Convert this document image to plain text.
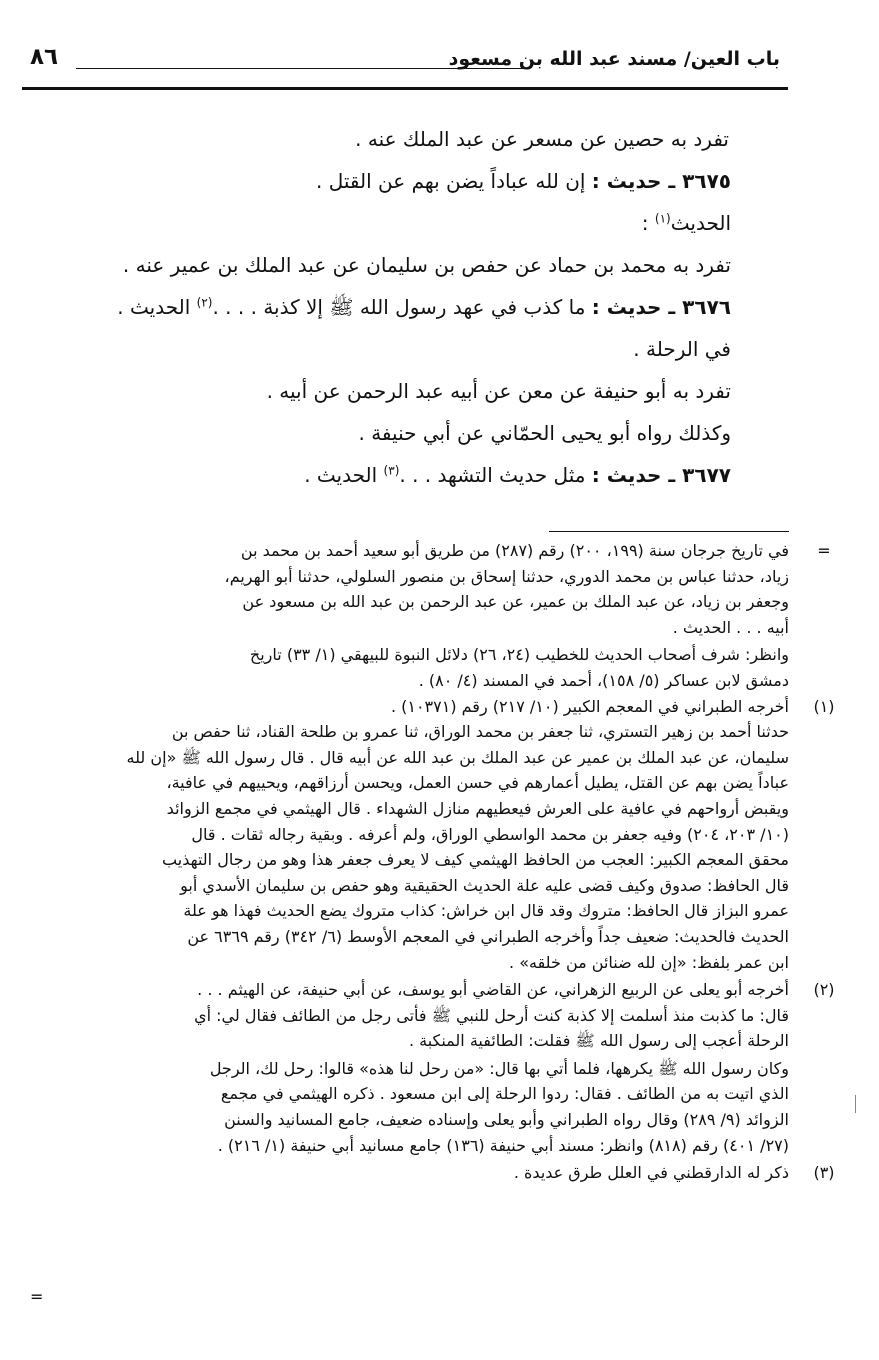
باب العين/ مسند عبد الله بن مسعود
٨٦
تفرد به حصين عن مسعر عن عبد الملك عنه .
٣٦٧٥ ـ حديث : إن لله عباداً يضن بهم عن القتل .
الحديث$^{(١)}$ :
تفرد به محمد بن حماد عن حفص بن سليمان عن عبد الملك بن عمير عنه .
٣٦٧٦ ـ حديث : ما كذب في عهد رسول الله ﷺ إلا كذبة . . . .$^{(٢)}$ الحديث .
في الرحلة .
تفرد به أبو حنيفة عن معن عن أبيه عبد الرحمن عن أبيه .
وكذلك رواه أبو يحيى الحمّاني عن أبي حنيفة .
٣٦٧٧ ـ حديث : مثل حديث التشهد . . .$^{(٣)}$ الحديث .
=
في تاريخ جرجان سنة (١٩٩، ٢٠٠) رقم (٢٨٧) من طريق أبو سعيد أحمد بن محمد بن
زياد، حدثنا عباس بن محمد الدوري، حدثنا إسحاق بن منصور السلولي، حدثنا أبو الهريم،
وجعفر بن زياد، عن عبد الملك بن عمير، عن عبد الرحمن بن عبد الله بن مسعود عن
أبيه . . . الحديث .
وانظر: شرف أصحاب الحديث للخطيب (٢٤، ٢٦) دلائل النبوة للبيهقي (١/ ٣٣) تاريخ
دمشق لابن عساكر (٥/ ١٥٨)، أحمد في المسند (٤/ ٨٠) .
(١)
أخرجه الطبراني في المعجم الكبير (١٠/ ٢١٧) رقم (١٠٣٧١) .
حدثنا أحمد بن زهير التستري، ثنا جعفر بن محمد الوراق، ثنا عمرو بن طلحة القناد، ثنا حفص بن
سليمان، عن عبد الملك بن عمير عن عبد الملك بن عبد الله عن أبيه قال . قال رسول الله ﷺ «إن لله
عباداً يضن بهم عن القتل، يطيل أعمارهم في حسن العمل، ويحسن أرزاقهم، ويحييهم في عافية،
ويقبض أرواحهم في عافية على العرش فيعطيهم منازل الشهداء . قال الهيثمي في مجمع الزوائد
(١٠/ ٢٠٣، ٢٠٤) وفيه جعفر بن محمد الواسطي الوراق، ولم أعرفه . وبقية رجاله ثقات . قال
محقق المعجم الكبير: العجب من الحافظ الهيثمي كيف لا يعرف جعفر هذا وهو من رجال التهذيب
قال الحافظ: صدوق وكيف قضى عليه علة الحديث الحقيقية وهو حفص بن سليمان الأسدي أبو
عمرو البزاز قال الحافظ: متروك وقد قال ابن خراش: كذاب متروك يضع الحديث فهذا هو علة
الحديث فالحديث: ضعيف جداً وأخرجه الطبراني في المعجم الأوسط (٦/ ٣٤٢) رقم ٦٣٦٩ عن
ابن عمر بلفظ: «إن لله ضنائن من خلقه» .
(٢)
أخرجه أبو يعلى عن الربيع الزهراني، عن القاضي أبو يوسف، عن أبي حنيفة، عن الهيثم . . .
قال: ما كذبت منذ أسلمت إلا كذبة كنت أرحل للنبي ﷺ فأتى رجل من الطائف فقال لي: أي
الرحلة أعجب إلى رسول الله ﷺ فقلت: الطائفية المنكبة .
وكان رسول الله ﷺ يكرهها، فلما أتي بها قال: «من رحل لنا هذه» قالوا: رحل لك، الرجل
الذي اتيت به من الطائف . فقال: ردوا الرحلة إلى ابن مسعود . ذكره الهيثمي في مجمع
الزوائد (٩/ ٢٨٩) وقال رواه الطبراني وأبو يعلى وإسناده ضعيف، جامع المسانيد والسنن
(٢٧/ ٤٠١) رقم (٨١٨) وانظر: مسند أبي حنيفة (١٣٦) جامع مسانيد أبي حنيفة (١/ ٢١٦) .
(٣)
ذكر له الدارقطني في العلل طرق عديدة .
=
